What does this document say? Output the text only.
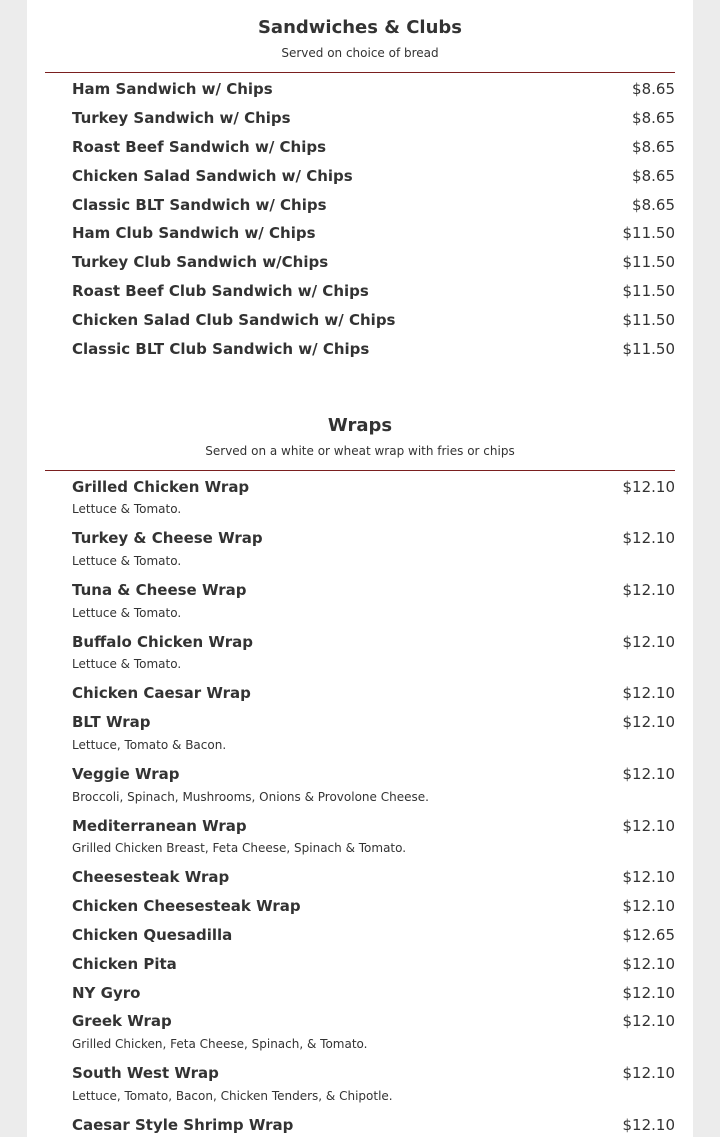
Sandwiches & Clubs
Served on choice of bread
Ham Sandwich w/ Chips	$8.65
Turkey Sandwich w/ Chips	$8.65
Roast Beef Sandwich w/ Chips	$8.65
Chicken Salad Sandwich w/ Chips	$8.65
Classic BLT Sandwich w/ Chips	$8.65
Ham Club Sandwich w/ Chips	$11.50
Turkey Club Sandwich w/Chips	$11.50
Roast Beef Club Sandwich w/ Chips	$11.50
Chicken Salad Club Sandwich w/ Chips	$11.50
Classic BLT Club Sandwich w/ Chips	$11.50
Wraps
Served on a white or wheat wrap with fries or chips
Grilled Chicken Wrap	$12.10
Lettuce & Tomato.
Turkey & Cheese Wrap	$12.10
Lettuce & Tomato.
Tuna & Cheese Wrap	$12.10
Lettuce & Tomato.
Buffalo Chicken Wrap	$12.10
Lettuce & Tomato.
Chicken Caesar Wrap	$12.10
BLT Wrap	$12.10
Lettuce, Tomato & Bacon.
Veggie Wrap	$12.10
Broccoli, Spinach, Mushrooms, Onions & Provolone Cheese.
Mediterranean Wrap	$12.10
Grilled Chicken Breast, Feta Cheese, Spinach & Tomato.
Cheesesteak Wrap	$12.10
Chicken Cheesesteak Wrap	$12.10
Chicken Quesadilla	$12.65
Chicken Pita	$12.10
NY Gyro	$12.10
Greek Wrap	$12.10
Grilled Chicken, Feta Cheese, Spinach, & Tomato.
South West Wrap	$12.10
Lettuce, Tomato, Bacon, Chicken Tenders, & Chipotle.
Caesar Style Shrimp Wrap	$12.10
